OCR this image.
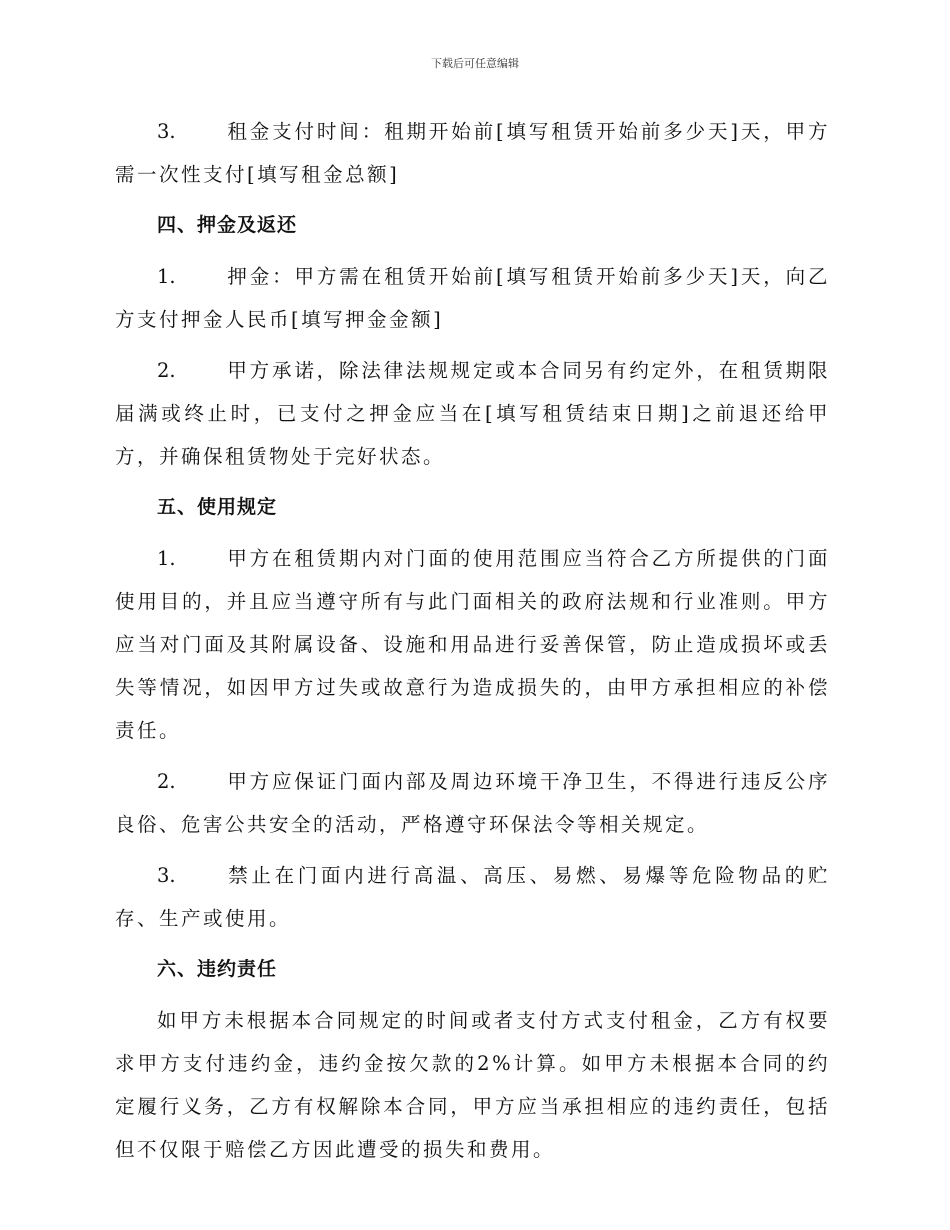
下载后可任意编辑

3.	租金支付时间：租期开始前[填写租赁开始前多少天]天，甲方需一次性支付[填写租金总额]

四、押金及返还

1.	押金：甲方需在租赁开始前[填写租赁开始前多少天]天，向乙方支付押金人民币[填写押金金额]

2.	甲方承诺，除法律法规规定或本合同另有约定外，在租赁期限届满或终止时，已支付之押金应当在[填写租赁结束日期]之前退还给甲方，并确保租赁物处于完好状态。

五、使用规定

1.	甲方在租赁期内对门面的使用范围应当符合乙方所提供的门面使用目的，并且应当遵守所有与此门面相关的政府法规和行业准则。甲方应当对门面及其附属设备、设施和用品进行妥善保管，防止造成损坏或丢失等情况，如因甲方过失或故意行为造成损失的，由甲方承担相应的补偿责任。

2.	甲方应保证门面内部及周边环境干净卫生，不得进行违反公序良俗、危害公共安全的活动，严格遵守环保法令等相关规定。

3.	禁止在门面内进行高温、高压、易燃、易爆等危险物品的贮存、生产或使用。

六、违约责任

如甲方未根据本合同规定的时间或者支付方式支付租金，乙方有权要求甲方支付违约金，违约金按欠款的2%计算。如甲方未根据本合同的约定履行义务，乙方有权解除本合同，甲方应当承担相应的违约责任，包括但不仅限于赔偿乙方因此遭受的损失和费用。
